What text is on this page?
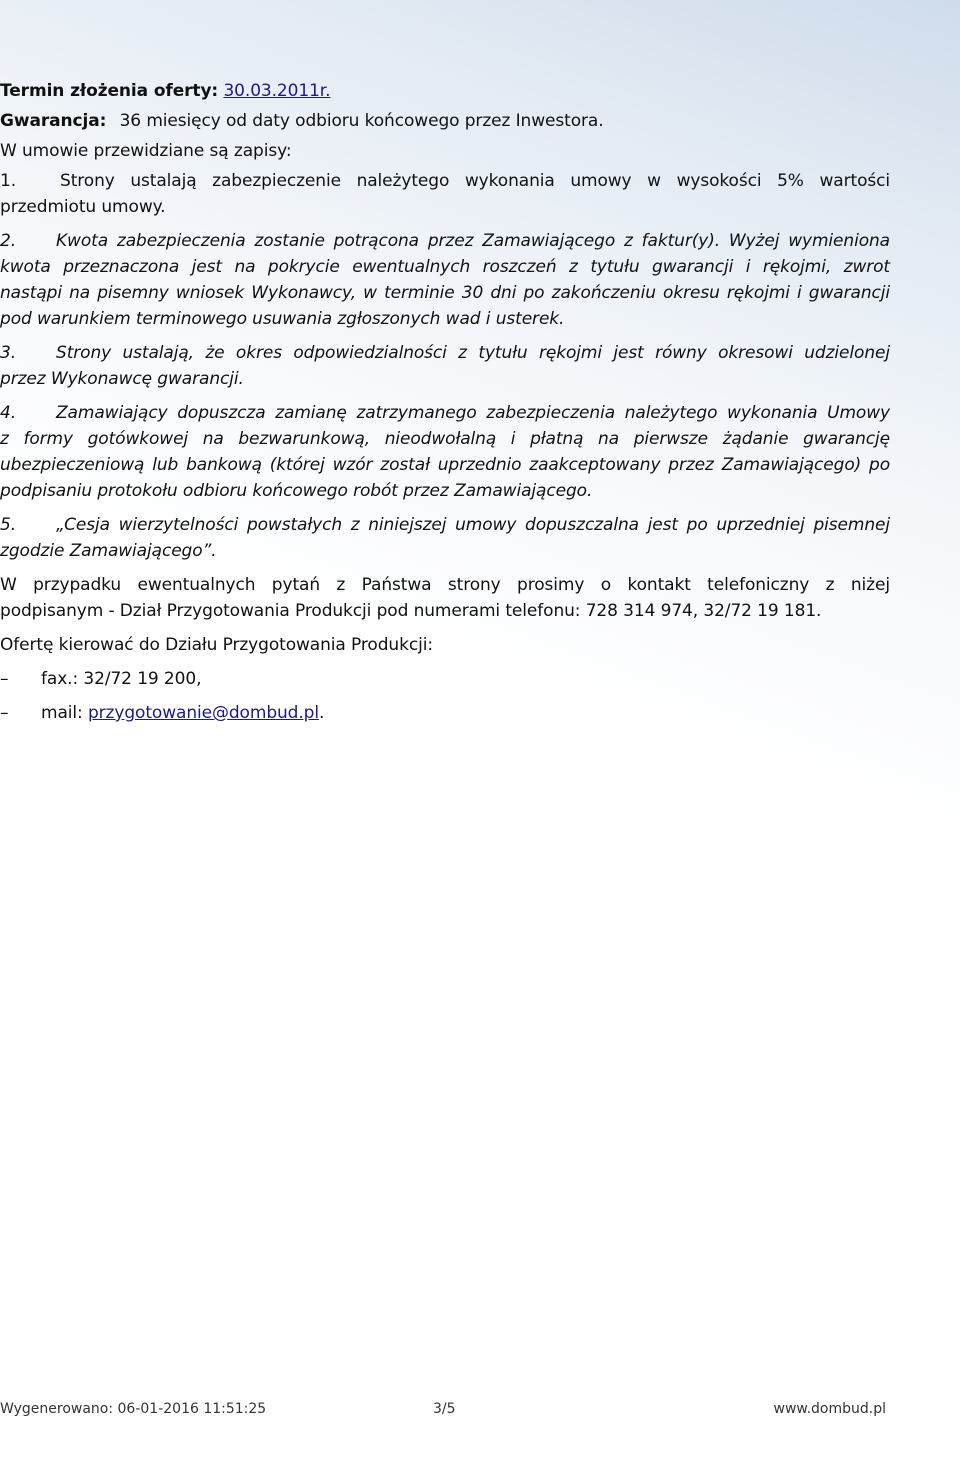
Termin złożenia oferty: 30.03.2011r.
Gwarancja: 36 miesięcy od daty odbioru końcowego przez Inwestora.
W umowie przewidziane są zapisy:
1.	Strony ustalają zabezpieczenie należytego wykonania umowy w wysokości 5% wartości
przedmiotu umowy.
2. Kwota zabezpieczenia zostanie potrącona przez Zamawiającego z faktur(y). Wyżej wymieniona
kwota przeznaczona jest na pokrycie ewentualnych roszczeń z tytułu gwarancji i rękojmi, zwrot
nastąpi na pisemny wniosek Wykonawcy, w terminie 30 dni po zakończeniu okresu rękojmi i gwarancji
pod warunkiem terminowego usuwania zgłoszonych wad i usterek.
3. Strony ustalają, że okres odpowiedzialności z tytułu rękojmi jest równy okresowi udzielonej
przez Wykonawcę gwarancji.
4. Zamawiający dopuszcza zamianę zatrzymanego zabezpieczenia należytego wykonania Umowy
z formy gotówkowej na bezwarunkową, nieodwołalną i płatną na pierwsze żądanie gwarancję
ubezpieczeniową lub bankową (której wzór został uprzednio zaakceptowany przez Zamawiającego) po
podpisaniu protokołu odbioru końcowego robót przez Zamawiającego.
5. „Cesja wierzytelności powstałych z niniejszej umowy dopuszczalna jest po uprzedniej pisemnej
zgodzie Zamawiającego”.
W przypadku ewentualnych pytań z Państwa strony prosimy o kontakt telefoniczny z niżej
podpisanym - Dział Przygotowania Produkcji pod numerami telefonu: 728 314 974, 32/72 19 181.
Ofertę kierować do Działu Przygotowania Produkcji:
– fax.: 32/72 19 200,
– mail: przygotowanie@dombud.pl.
Wygenerowano: 06-01-2016 11:51:25	3/5	www.dombud.pl
